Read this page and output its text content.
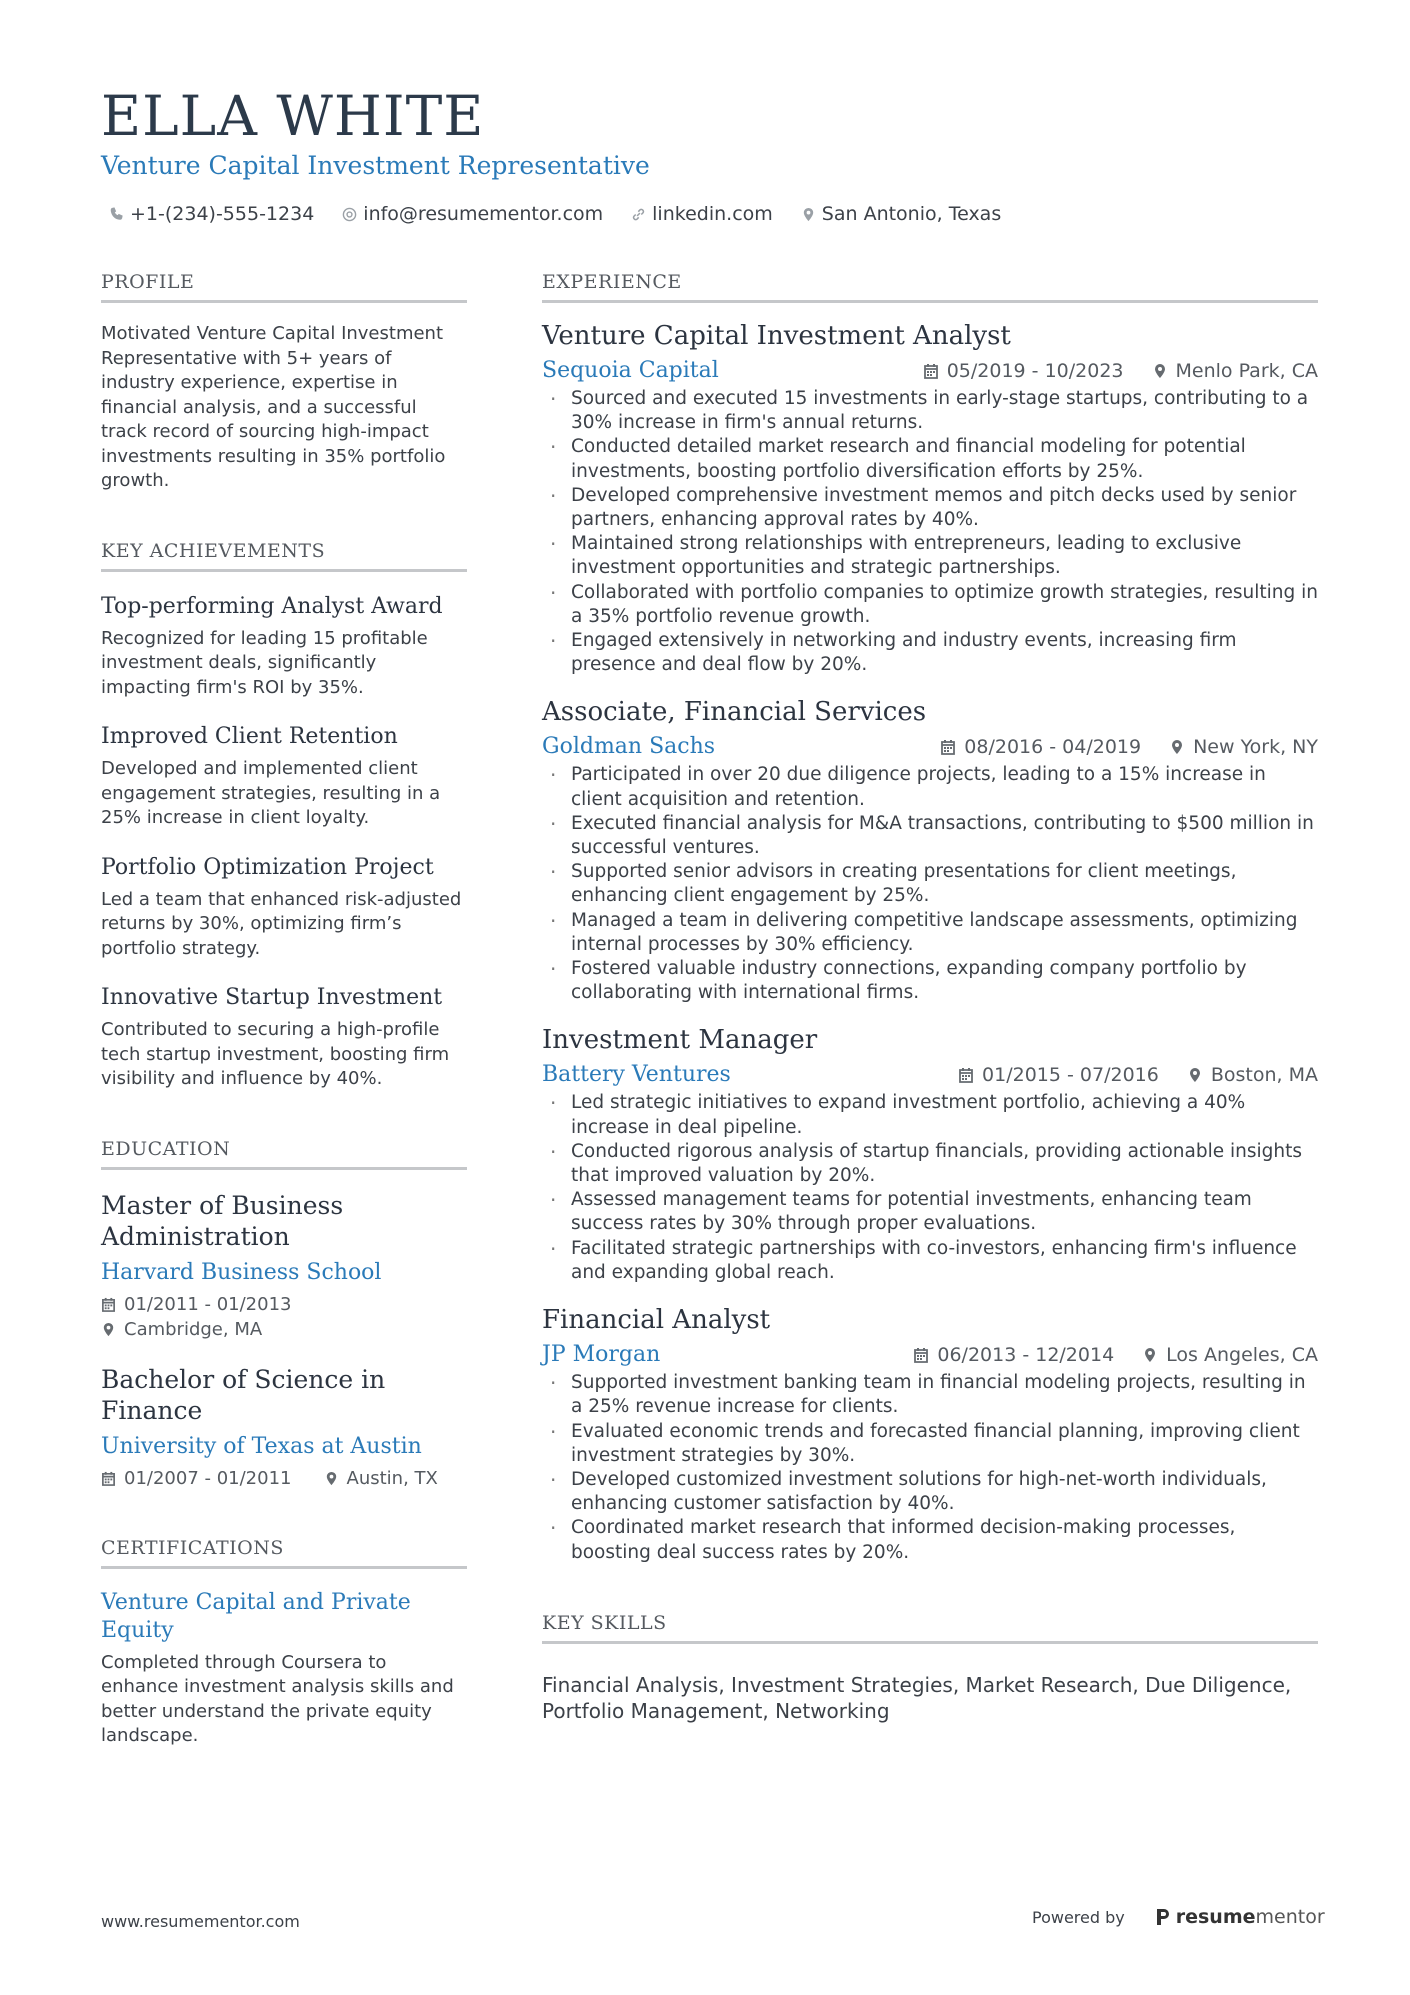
ELLA WHITE
Venture Capital Investment Representative
+1-(234)-555-1234	info@resumementor.com	linkedin.com	San Antonio, Texas
PROFILE

Motivated Venture Capital Investment Representative with 5+ years of industry experience, expertise in financial analysis, and a successful track record of sourcing high-impact investments resulting in 35% portfolio growth.

KEY ACHIEVEMENTS
Top-performing Analyst Award

Recognized for leading 15 profitable investment deals, significantly impacting firm's ROI by 35%.

Improved Client Retention

Developed and implemented client engagement strategies, resulting in a 25% increase in client loyalty.

Portfolio Optimization Project

Led a team that enhanced risk-adjusted returns by 30%, optimizing firm’s portfolio strategy.

Innovative Startup Investment

Contributed to securing a high-profile tech startup investment, boosting firm visibility and influence by 40%.

EDUCATION
Master of Business Administration
Harvard Business School
01/2011 - 01/2013
Cambridge, MA
Bachelor of Science in Finance
University of Texas at Austin
01/2007 - 01/2011	Austin, TX
CERTIFICATIONS
Venture Capital and Private Equity

Completed through Coursera to enhance investment analysis skills and better understand the private equity landscape.

EXPERIENCE
Venture Capital Investment Analyst
Sequoia Capital	05/2019 - 10/2023	Menlo Park, CA
· Sourced and executed 15 investments in early-stage startups, contributing to a 30% increase in firm's annual returns.
· Conducted detailed market research and financial modeling for potential investments, boosting portfolio diversification efforts by 25%.
· Developed comprehensive investment memos and pitch decks used by senior partners, enhancing approval rates by 40%.
· Maintained strong relationships with entrepreneurs, leading to exclusive investment opportunities and strategic partnerships.
· Collaborated with portfolio companies to optimize growth strategies, resulting in a 35% portfolio revenue growth.
· Engaged extensively in networking and industry events, increasing firm presence and deal flow by 20%.
Associate, Financial Services
Goldman Sachs	08/2016 - 04/2019	New York, NY
· Participated in over 20 due diligence projects, leading to a 15% increase in client acquisition and retention.
· Executed financial analysis for M&A transactions, contributing to $500 million in successful ventures.
· Supported senior advisors in creating presentations for client meetings, enhancing client engagement by 25%.
· Managed a team in delivering competitive landscape assessments, optimizing internal processes by 30% efficiency.
· Fostered valuable industry connections, expanding company portfolio by collaborating with international firms.
Investment Manager
Battery Ventures	01/2015 - 07/2016	Boston, MA
· Led strategic initiatives to expand investment portfolio, achieving a 40% increase in deal pipeline.
· Conducted rigorous analysis of startup financials, providing actionable insights that improved valuation by 20%.
· Assessed management teams for potential investments, enhancing team success rates by 30% through proper evaluations.
· Facilitated strategic partnerships with co-investors, enhancing firm's influence and expanding global reach.
Financial Analyst
JP Morgan	06/2013 - 12/2014	Los Angeles, CA
· Supported investment banking team in financial modeling projects, resulting in a 25% revenue increase for clients.
· Evaluated economic trends and forecasted financial planning, improving client investment strategies by 30%.
· Developed customized investment solutions for high-net-worth individuals, enhancing customer satisfaction by 40%.
· Coordinated market research that informed decision-making processes, boosting deal success rates by 20%.
KEY SKILLS

Financial Analysis, Investment Strategies, Market Research, Due Diligence, Portfolio Management, Networking

www.resumementor.com	Powered by	resume mentor
